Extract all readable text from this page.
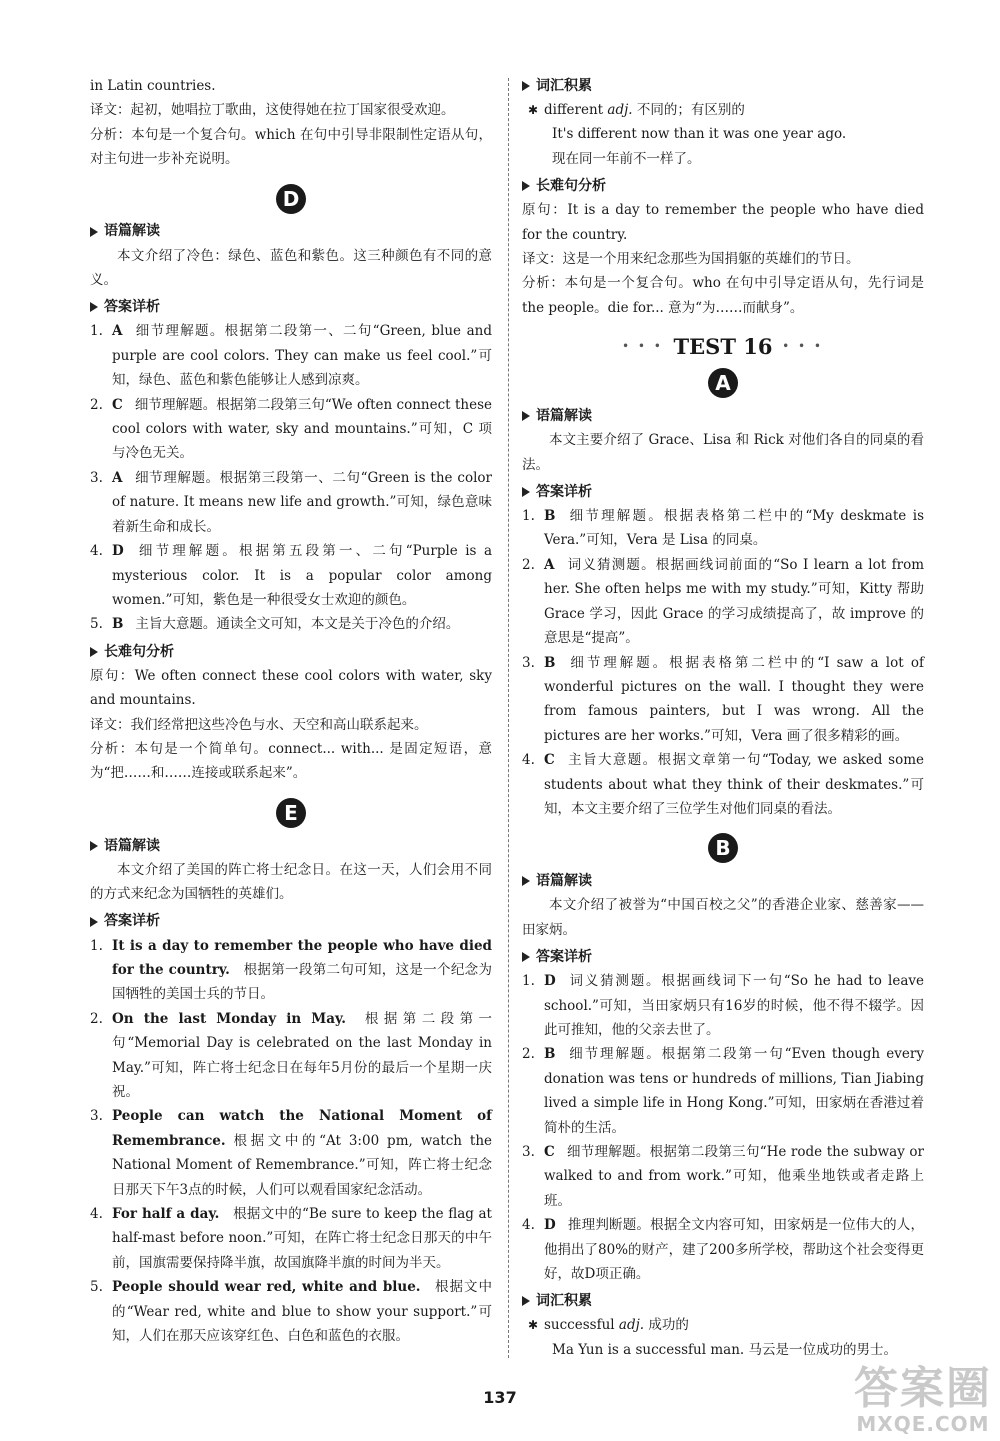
in Latin countries.

译文：起初，她唱拉丁歌曲，这使得她在拉丁国家很受欢迎。

分析：本句是一个复合句。which 在句中引导非限制性定语从句，对主句进一步补充说明。

D
语篇解读

本文介绍了冷色：绿色、蓝色和紫色。这三种颜色有不同的意义。

答案详析
1. A 细节理解题。根据第二段第一、二句“Green, blue and purple are cool colors. They can make us feel cool.”可知，绿色、蓝色和紫色能够让人感到凉爽。
2. C 细节理解题。根据第二段第三句“We often connect these cool colors with water, sky and mountains.”可知，C 项与冷色无关。
3. A 细节理解题。根据第三段第一、二句“Green is the color of nature. It means new life and growth.”可知，绿色意味着新生命和成长。
4. D 细节理解题。根据第五段第一、二句“Purple is a mysterious color. It is a popular color among women.”可知，紫色是一种很受女士欢迎的颜色。
5. B 主旨大意题。通读全文可知，本文是关于冷色的介绍。
长难句分析

原句：We often connect these cool colors with water, sky and mountains.

译文：我们经常把这些冷色与水、天空和高山联系起来。

分析：本句是一个简单句。connect... with... 是固定短语，意为“把……和……连接或联系起来”。

E
语篇解读

本文介绍了美国的阵亡将士纪念日。在这一天，人们会用不同的方式来纪念为国牺牲的英雄们。

答案详析
1. It is a day to remember the people who have died for the country.  根据第一段第二句可知，这是一个纪念为国牺牲的美国士兵的节日。
2. On the last Monday in May.  根据第二段第一句“Memorial Day is celebrated on the last Monday in May.”可知，阵亡将士纪念日在每年5月份的最后一个星期一庆祝。
3. People can watch the National Moment of Remembrance. 根据文中的“At 3:00 pm, watch the National Moment of Remembrance.”可知，阵亡将士纪念日那天下午3点的时候，人们可以观看国家纪念活动。
4. For half a day.  根据文中的“Be sure to keep the flag at half-mast before noon.”可知，在阵亡将士纪念日那天的中午前，国旗需要保持降半旗，故国旗降半旗的时间为半天。
5. People should wear red, white and blue.  根据文中的“Wear red, white and blue to show your support.”可知，人们在那天应该穿红色、白色和蓝色的衣服。
词汇积累
✱ different adj. 不同的；有区别的

It's different now than it was one year ago.

现在同一年前不一样了。

长难句分析

原句：It is a day to remember the people who have died for the country.

译文：这是一个用来纪念那些为国捐躯的英雄们的节日。

分析：本句是一个复合句。who 在句中引导定语从句，先行词是 the people。die for... 意为“为……而献身”。

• • • TEST 16 • • •
A
语篇解读

本文主要介绍了 Grace、Lisa 和 Rick 对他们各自的同桌的看法。

答案详析
1. B 细节理解题。根据表格第二栏中的“My deskmate is Vera.”可知，Vera 是 Lisa 的同桌。
2. A 词义猜测题。根据画线词前面的“So I learn a lot from her. She often helps me with my study.”可知，Kitty 帮助 Grace 学习，因此 Grace 的学习成绩提高了，故 improve 的意思是“提高”。
3. B 细节理解题。根据表格第二栏中的“I saw a lot of wonderful pictures on the wall. I thought they were from famous painters, but I was wrong. All the pictures are her works.”可知，Vera 画了很多精彩的画。
4. C 主旨大意题。根据文章第一句“Today, we asked some students about what they think of their deskmates.”可知，本文主要介绍了三位学生对他们同桌的看法。
B
语篇解读

本文介绍了被誉为“中国百校之父”的香港企业家、慈善家——田家炳。

答案详析
1. D 词义猜测题。根据画线词下一句“So he had to leave school.”可知，当田家炳只有16岁的时候，他不得不辍学。因此可推知，他的父亲去世了。
2. B 细节理解题。根据第二段第一句“Even though every donation was tens or hundreds of millions, Tian Jiabing lived a simple life in Hong Kong.”可知，田家炳在香港过着简朴的生活。
3. C 细节理解题。根据第二段第三句“He rode the subway or walked to and from work.”可知，他乘坐地铁或者走路上班。
4. D 推理判断题。根据全文内容可知，田家炳是一位伟大的人，他捐出了80%的财产，建了200多所学校，帮助这个社会变得更好，故D项正确。
词汇积累
✱ successful adj. 成功的

Ma Yun is a successful man. 马云是一位成功的男士。

137	答案圈
MXQE.COM
